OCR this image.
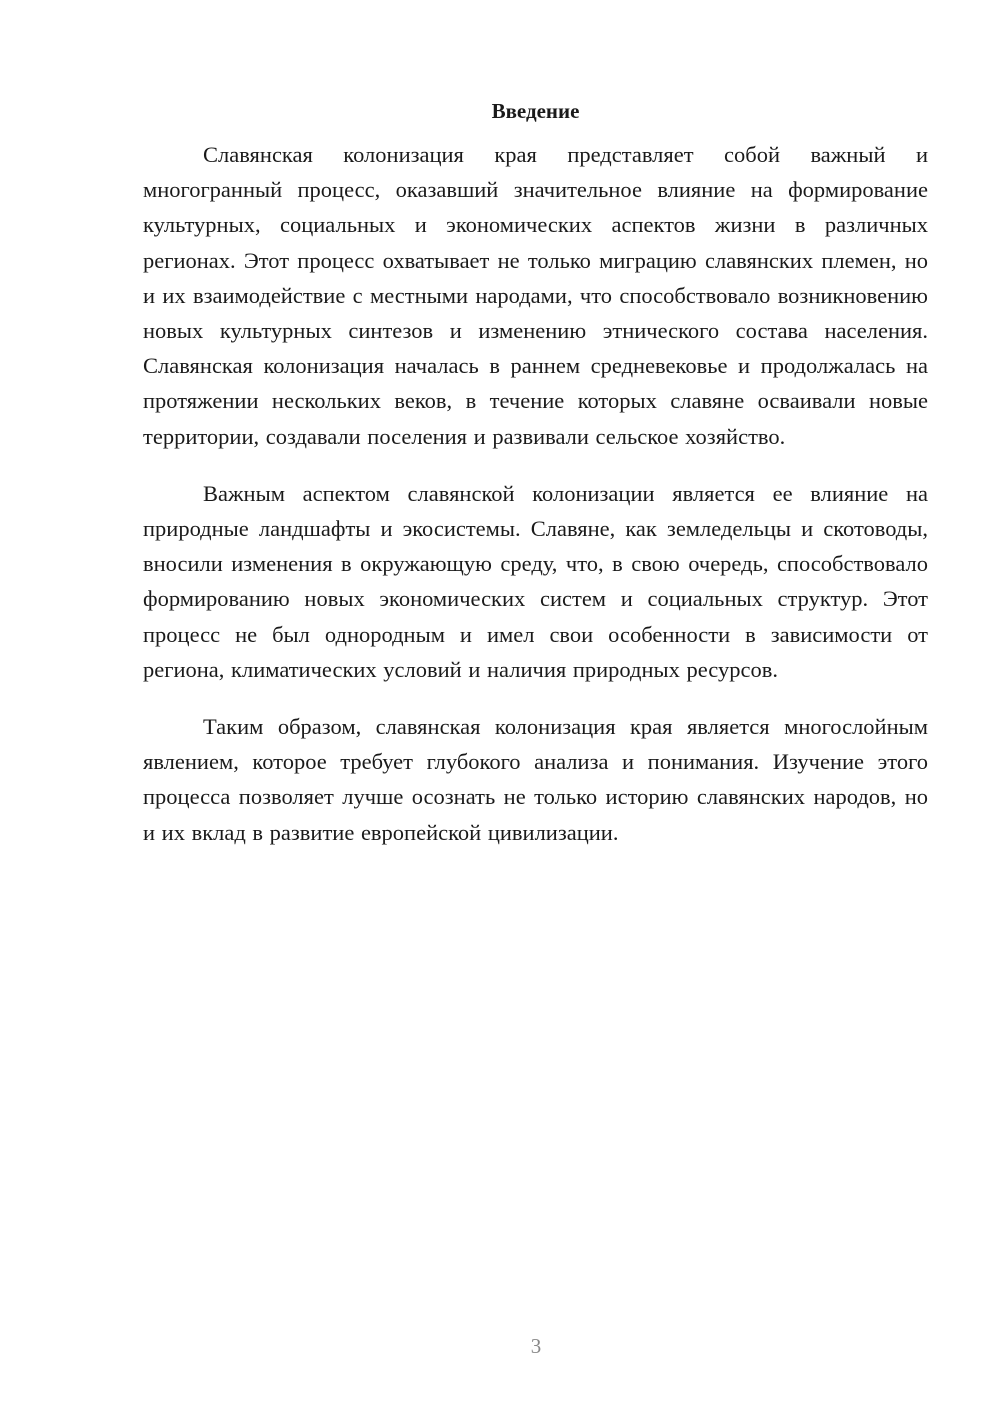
Введение

Славянская колонизация края представляет собой важный и многогранный процесс, оказавший значительное влияние на формирование культурных, социальных и экономических аспектов жизни в различных регионах. Этот процесс охватывает не только миграцию славянских племен, но и их взаимодействие с местными народами, что способствовало возникновению новых культурных синтезов и изменению этнического состава населения. Славянская колонизация началась в раннем средневековье и продолжалась на протяжении нескольких веков, в течение которых славяне осваивали новые территории, создавали поселения и развивали сельское хозяйство.

Важным аспектом славянской колонизации является ее влияние на природные ландшафты и экосистемы. Славяне, как земледельцы и скотоводы, вносили изменения в окружающую среду, что, в свою очередь, способствовало формированию новых экономических систем и социальных структур. Этот процесс не был однородным и имел свои особенности в зависимости от региона, климатических условий и наличия природных ресурсов.

Таким образом, славянская колонизация края является многослойным явлением, которое требует глубокого анализа и понимания. Изучение этого процесса позволяет лучше осознать не только историю славянских народов, но и их вклад в развитие европейской цивилизации.

3
